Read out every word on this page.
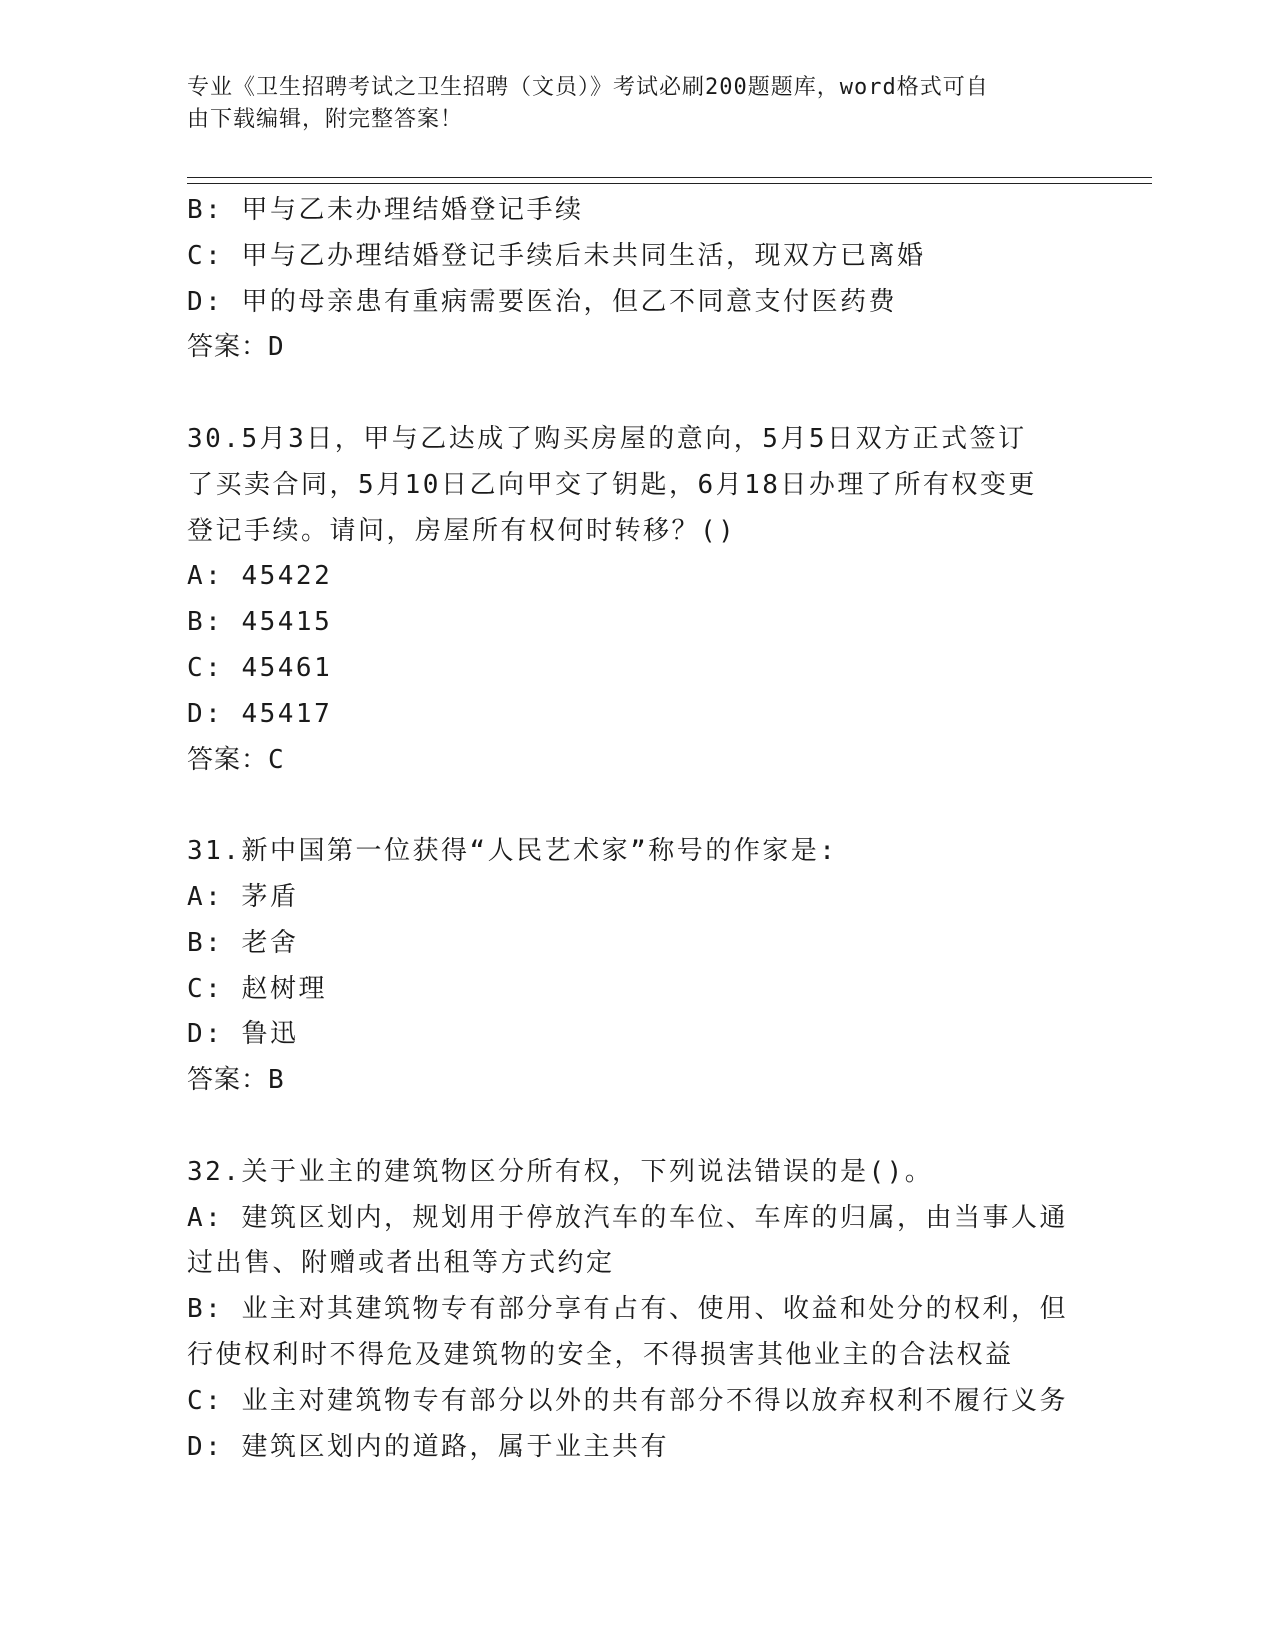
专业《卫生招聘考试之卫生招聘（文员）》考试必刷200题题库，word格式可自
由下载编辑，附完整答案！
B: 甲与乙未办理结婚登记手续
C: 甲与乙办理结婚登记手续后未共同生活，现双方已离婚
D: 甲的母亲患有重病需要医治，但乙不同意支付医药费
答案：D
30.5月3日，甲与乙达成了购买房屋的意向，5月5日双方正式签订
了买卖合同，5月10日乙向甲交了钥匙，6月18日办理了所有权变更
登记手续。请问，房屋所有权何时转移？()
A: 45422
B: 45415
C: 45461
D: 45417
答案：C
31.新中国第一位获得“人民艺术家”称号的作家是:
A: 茅盾
B: 老舍
C: 赵树理
D: 鲁迅
答案：B
32.关于业主的建筑物区分所有权，下列说法错误的是()。
A: 建筑区划内，规划用于停放汽车的车位、车库的归属，由当事人通
过出售、附赠或者出租等方式约定
B: 业主对其建筑物专有部分享有占有、使用、收益和处分的权利，但
行使权利时不得危及建筑物的安全，不得损害其他业主的合法权益
C: 业主对建筑物专有部分以外的共有部分不得以放弃权利不履行义务
D: 建筑区划内的道路，属于业主共有
